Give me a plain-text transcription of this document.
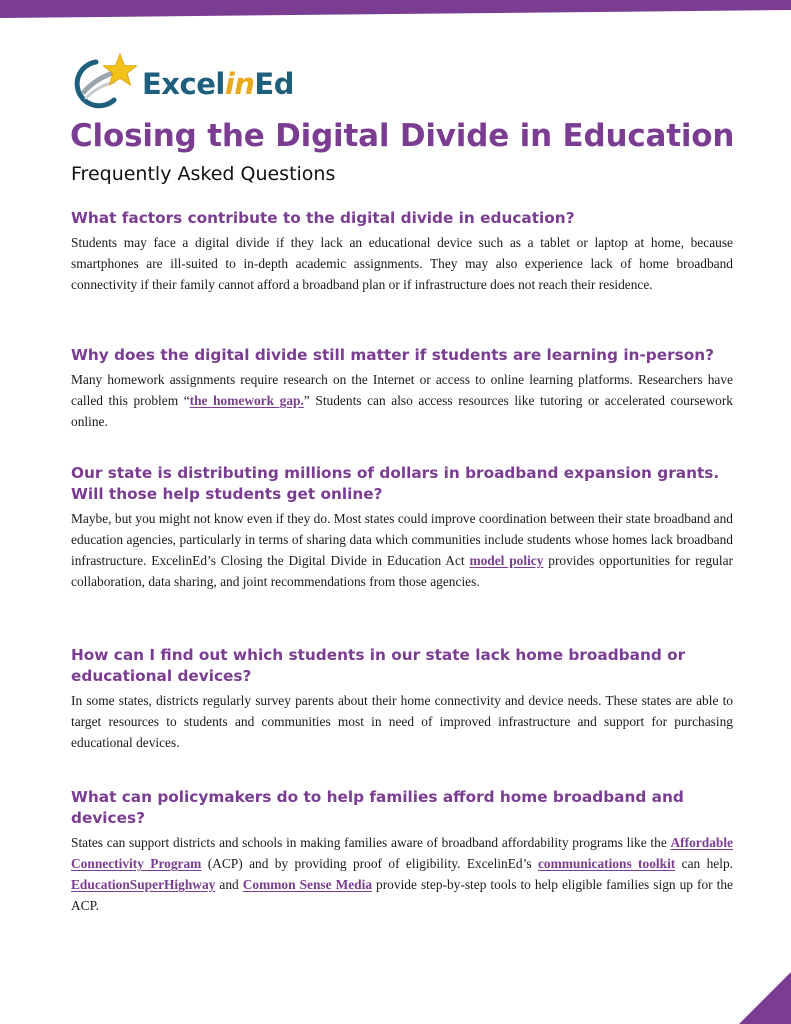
ExcelinEd
Closing the Digital Divide in Education
Frequently Asked Questions
What factors contribute to the digital divide in education?

Students may face a digital divide if they lack an educational device such as a tablet or laptop at home, because smartphones are ill-suited to in-depth academic assignments. They may also experience lack of home broadband connectivity if their family cannot afford a broadband plan or if infrastructure does not reach their residence.

Why does the digital divide still matter if students are learning in-person?

Many homework assignments require research on the Internet or access to online learning platforms. Researchers have called this problem “the homework gap.” Students can also access resources like tutoring or accelerated coursework online.

Our state is distributing millions of dollars in broadband expansion grants.
Will those help students get online?

Maybe, but you might not know even if they do. Most states could improve coordination between their state broadband and education agencies, particularly in terms of sharing data which communities include students whose homes lack broadband infrastructure. ExcelinEd’s Closing the Digital Divide in Education Act model policy provides opportunities for regular collaboration, data sharing, and joint recommendations from those agencies.

How can I find out which students in our state lack home broadband or
educational devices?

In some states, districts regularly survey parents about their home connectivity and device needs. These states are able to target resources to students and communities most in need of improved infrastructure and support for purchasing educational devices.

What can policymakers do to help families afford home broadband and devices?

States can support districts and schools in making families aware of broadband affordability programs like the Affordable Connectivity Program (ACP) and by providing proof of eligibility. ExcelinEd’s communications toolkit can help. EducationSuperHighway and Common Sense Media provide step-by-step tools to help eligible families sign up for the ACP.
